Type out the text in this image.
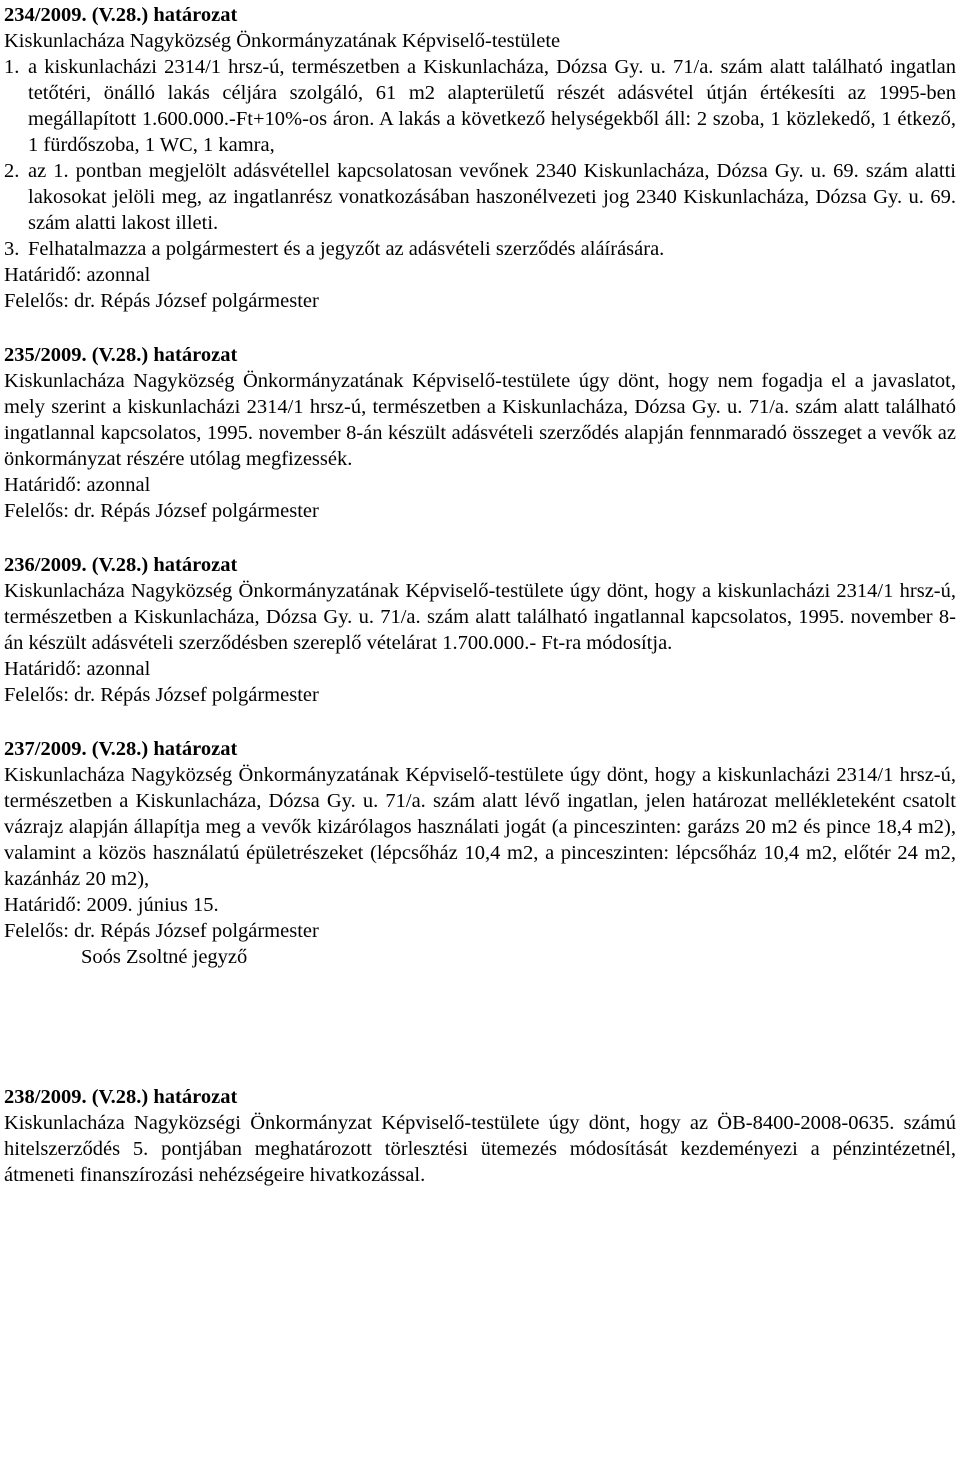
234/2009. (V.28.) határozat
Kiskunlacháza Nagyközség Önkormányzatának Képviselő-testülete
1. a kiskunlacházi 2314/1 hrsz-ú, természetben a Kiskunlacháza, Dózsa Gy. u. 71/a. szám alatt található ingatlan tetőtéri, önálló lakás céljára szolgáló, 61 m2 alapterületű részét adásvétel útján értékesíti az 1995-ben megállapított 1.600.000.-Ft+10%-os áron. A lakás a következő helységekből áll: 2 szoba, 1 közlekedő, 1 étkező, 1 fürdőszoba, 1 WC, 1 kamra,
2. az 1. pontban megjelölt adásvétellel kapcsolatosan vevőnek 2340 Kiskunlacháza, Dózsa Gy. u. 69. szám alatti lakosokat jelöli meg, az ingatlanrész vonatkozásában haszonélvezeti jog 2340 Kiskunlacháza, Dózsa Gy. u. 69. szám alatti lakost illeti.
3. Felhatalmazza a polgármestert és a jegyzőt az adásvételi szerződés aláírására.
Határidő: azonnal
Felelős: dr. Répás József polgármester
235/2009. (V.28.) határozat
Kiskunlacháza Nagyközség Önkormányzatának Képviselő-testülete úgy dönt, hogy nem fogadja el a javaslatot, mely szerint a kiskunlacházi 2314/1 hrsz-ú, természetben a Kiskunlacháza, Dózsa Gy. u. 71/a. szám alatt található ingatlannal kapcsolatos, 1995. november 8-án készült adásvételi szerződés alapján fennmaradó összeget a vevők az önkormányzat részére utólag megfizessék.
Határidő: azonnal
Felelős: dr. Répás József polgármester
236/2009. (V.28.) határozat
Kiskunlacháza Nagyközség Önkormányzatának Képviselő-testülete úgy dönt, hogy a kiskunlacházi 2314/1 hrsz-ú, természetben a Kiskunlacháza, Dózsa Gy. u. 71/a. szám alatt található ingatlannal kapcsolatos, 1995. november 8-án készült adásvételi szerződésben szereplő vételárat 1.700.000.- Ft-ra módosítja.
Határidő: azonnal
Felelős: dr. Répás József polgármester
237/2009. (V.28.) határozat
Kiskunlacháza Nagyközség Önkormányzatának Képviselő-testülete úgy dönt, hogy a kiskunlacházi 2314/1 hrsz-ú, természetben a Kiskunlacháza, Dózsa Gy. u. 71/a. szám alatt lévő ingatlan, jelen határozat mellékleteként csatolt vázrajz alapján állapítja meg a vevők kizárólagos használati jogát (a pinceszinten: garázs 20 m2 és pince 18,4 m2), valamint a közös használatú épületrészeket (lépcsőház 10,4 m2, a pinceszinten: lépcsőház 10,4 m2, előtér 24 m2, kazánház 20 m2),
Határidő: 2009. június 15.
Felelős: dr. Répás József polgármester
Soós Zsoltné jegyző
238/2009. (V.28.) határozat
Kiskunlacháza Nagyközségi Önkormányzat Képviselő-testülete úgy dönt, hogy az ÖB-8400-2008-0635. számú hitelszerződés 5. pontjában meghatározott törlesztési ütemezés módosítását kezdeményezi a pénzintézetnél, átmeneti finanszírozási nehézségeire hivatkozással.
